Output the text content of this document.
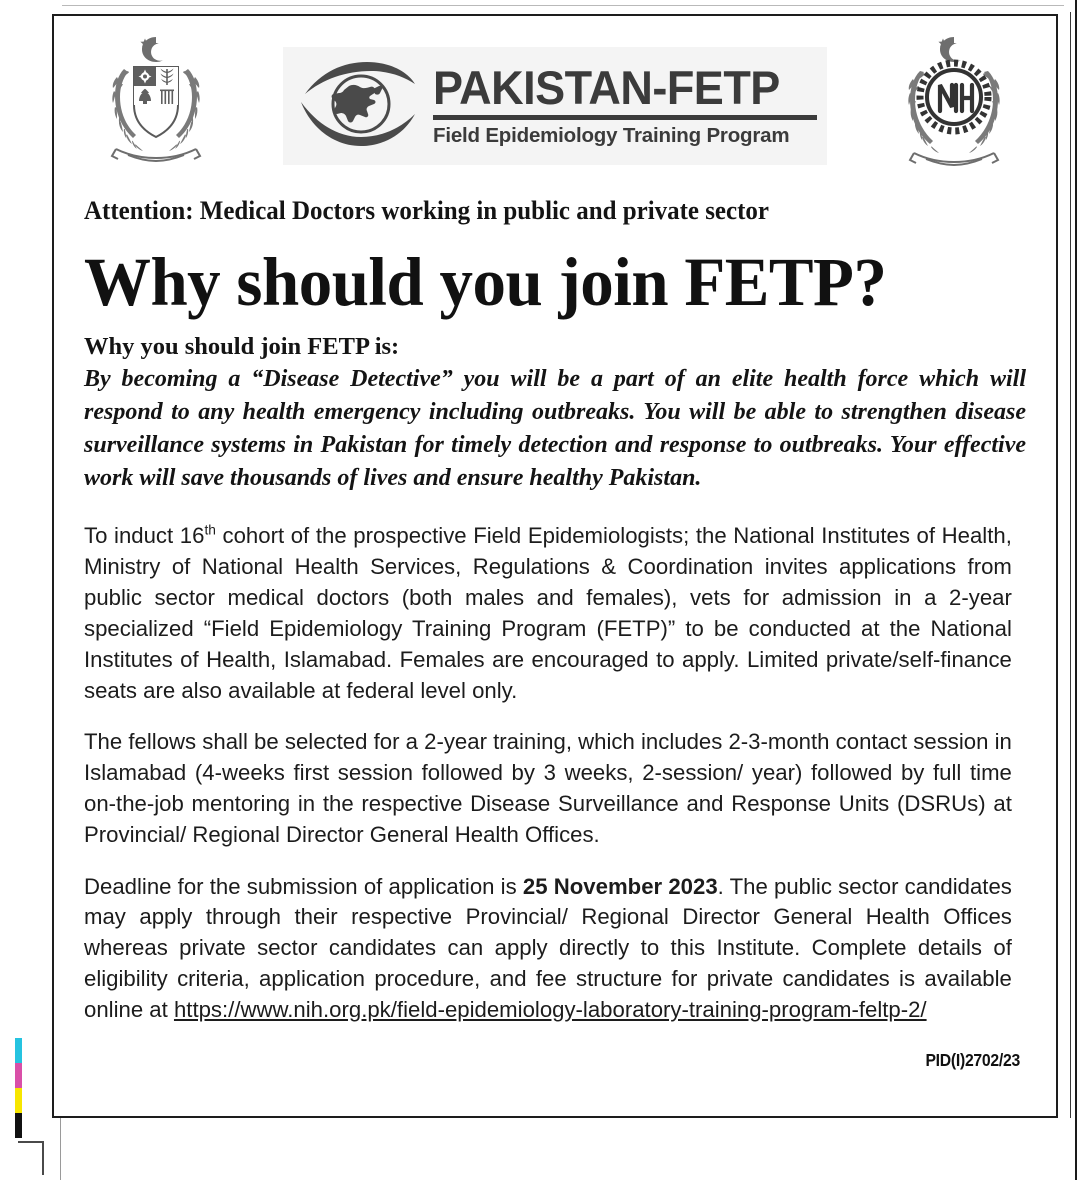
PAKISTAN-FETP
Field Epidemiology Training Program
Attention: Medical Doctors working in public and private sector
Why should you join FETP?
Why you should join FETP is:

By becoming a “Disease Detective” you will be a part of an elite health force which will respond to any health emergency including outbreaks. You will be able to strengthen disease surveillance systems in Pakistan for timely detection and response to outbreaks. Your effective work will save thousands of lives and ensure healthy Pakistan.

To induct 16th cohort of the prospective Field Epidemiologists; the National Institutes of Health, Ministry of National Health Services, Regulations & Coordination invites applications from public sector medical doctors (both males and females), vets for admission in a 2-year specialized “Field Epidemiology Training Program (FETP)” to be conducted at the National Institutes of Health, Islamabad. Females are encouraged to apply. Limited private/self-finance seats are also available at federal level only.

The fellows shall be selected for a 2-year training, which includes 2-3-month contact session in Islamabad (4-weeks first session followed by 3 weeks, 2-session/ year) followed by full time on-the-job mentoring in the respective Disease Surveillance and Response Units (DSRUs) at Provincial/ Regional Director General Health Offices.

Deadline for the submission of application is 25 November 2023. The public sector candidates may apply through their respective Provincial/ Regional Director General Health Offices whereas private sector candidates can apply directly to this Institute. Complete details of eligibility criteria, application procedure, and fee structure for private candidates is available online at https://www.nih.org.pk/field-epidemiology-laboratory-training-program-feltp-2/

PID(I)2702/23
